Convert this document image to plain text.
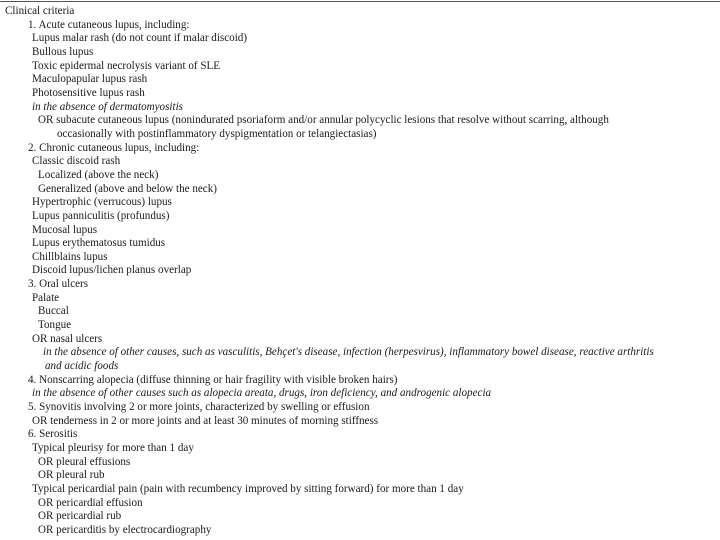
Clinical criteria
1. Acute cutaneous lupus, including:
Lupus malar rash (do not count if malar discoid)
Bullous lupus
Toxic epidermal necrolysis variant of SLE
Maculopapular lupus rash
Photosensitive lupus rash
in the absence of dermatomyositis
OR subacute cutaneous lupus (nonindurated psoriaform and/or annular polycyclic lesions that resolve without scarring, although
occasionally with postinflammatory dyspigmentation or telangiectasias)
2. Chronic cutaneous lupus, including:
Classic discoid rash
Localized (above the neck)
Generalized (above and below the neck)
Hypertrophic (verrucous) lupus
Lupus panniculitis (profundus)
Mucosal lupus
Lupus erythematosus tumidus
Chillblains lupus
Discoid lupus/lichen planus overlap
3. Oral ulcers
Palate
Buccal
Tongue
OR nasal ulcers
in the absence of other causes, such as vasculitis, Behçet's disease, infection (herpesvirus), inflammatory bowel disease, reactive arthritis
and acidic foods
4. Nonscarring alopecia (diffuse thinning or hair fragility with visible broken hairs)
in the absence of other causes such as alopecia areata, drugs, iron deficiency, and androgenic alopecia
5. Synovitis involving 2 or more joints, characterized by swelling or effusion
OR tenderness in 2 or more joints and at least 30 minutes of morning stiffness
6. Serositis
Typical pleurisy for more than 1 day
OR pleural effusions
OR pleural rub
Typical pericardial pain (pain with recumbency improved by sitting forward) for more than 1 day
OR pericardial effusion
OR pericardial rub
OR pericarditis by electrocardiography
